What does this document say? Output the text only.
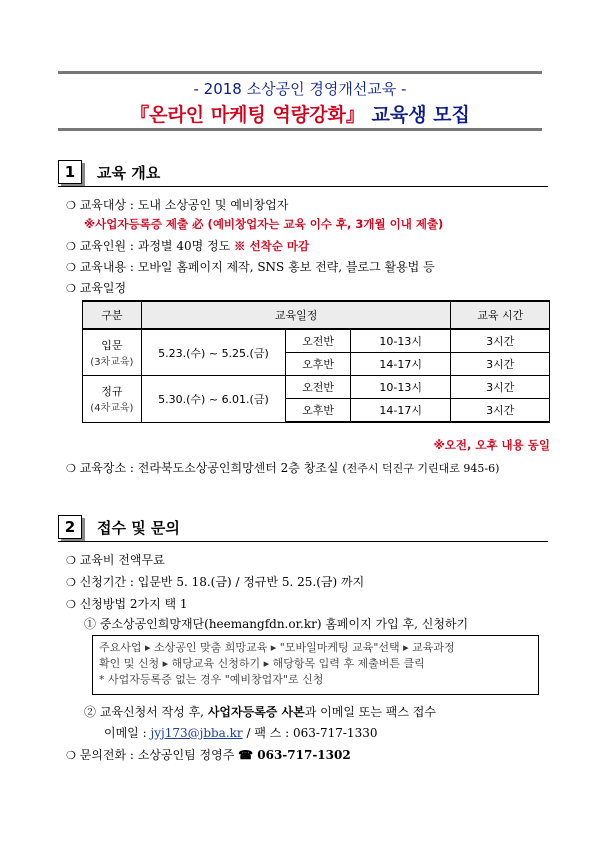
- 2018 소상공인 경영개선교육 -
『온라인 마케팅 역량강화』 교육생 모집
1	교육 개요
❍ 교육대상 : 도내 소상공인 및 예비창업자
※사업자등록증 제출 必 (예비창업자는 교육 이수 후, 3개월 이내 제출)
❍ 교육인원 : 과정별 40명 정도 ※ 선착순 마감
❍ 교육내용 : 모바일 홈페이지 제작, SNS 홍보 전략, 블로그 활용법 등
❍ 교육일정
구분	교육일정			교육 시간

입문
(3차교육)	5.23.(수) ~ 5.25.(금)	오전반	10-13시	3시간
		오후반	14-17시	3시간

정규
(4차교육)	5.30.(수) ~ 6.01.(금)	오전반	10-13시	3시간
		오후반	14-17시	3시간
※오전, 오후 내용 동일
❍ 교육장소 : 전라북도소상공인희망센터 2층 창조실 (전주시 덕진구 기린대로 945-6)
2	접수 및 문의
❍ 교육비 전액무료
❍ 신청기간 : 입문반 5. 18.(금) / 정규반 5. 25.(금) 까지
❍ 신청방법 2가지 택 1
① 중소상공인희망재단(heemangfdn.or.kr) 홈페이지 가입 후, 신청하기
주요사업 ▸ 소상공인 맞춤 희망교육 ▸ "모바일마케팅 교육"선택 ▸ 교육과정
확인 및 신청 ▸ 해당교육 신청하기 ▸ 해당항목 입력 후 제출버튼 클릭
* 사업자등록증 없는 경우 "예비창업자"로 신청
② 교육신청서 작성 후, 사업자등록증 사본과 이메일 또는 팩스 접수
이메일 : jyj173@jbba.kr / 팩 스 : 063-717-1330
❍ 문의전화 : 소상공인팀 정영주 ☎ 063-717-1302
